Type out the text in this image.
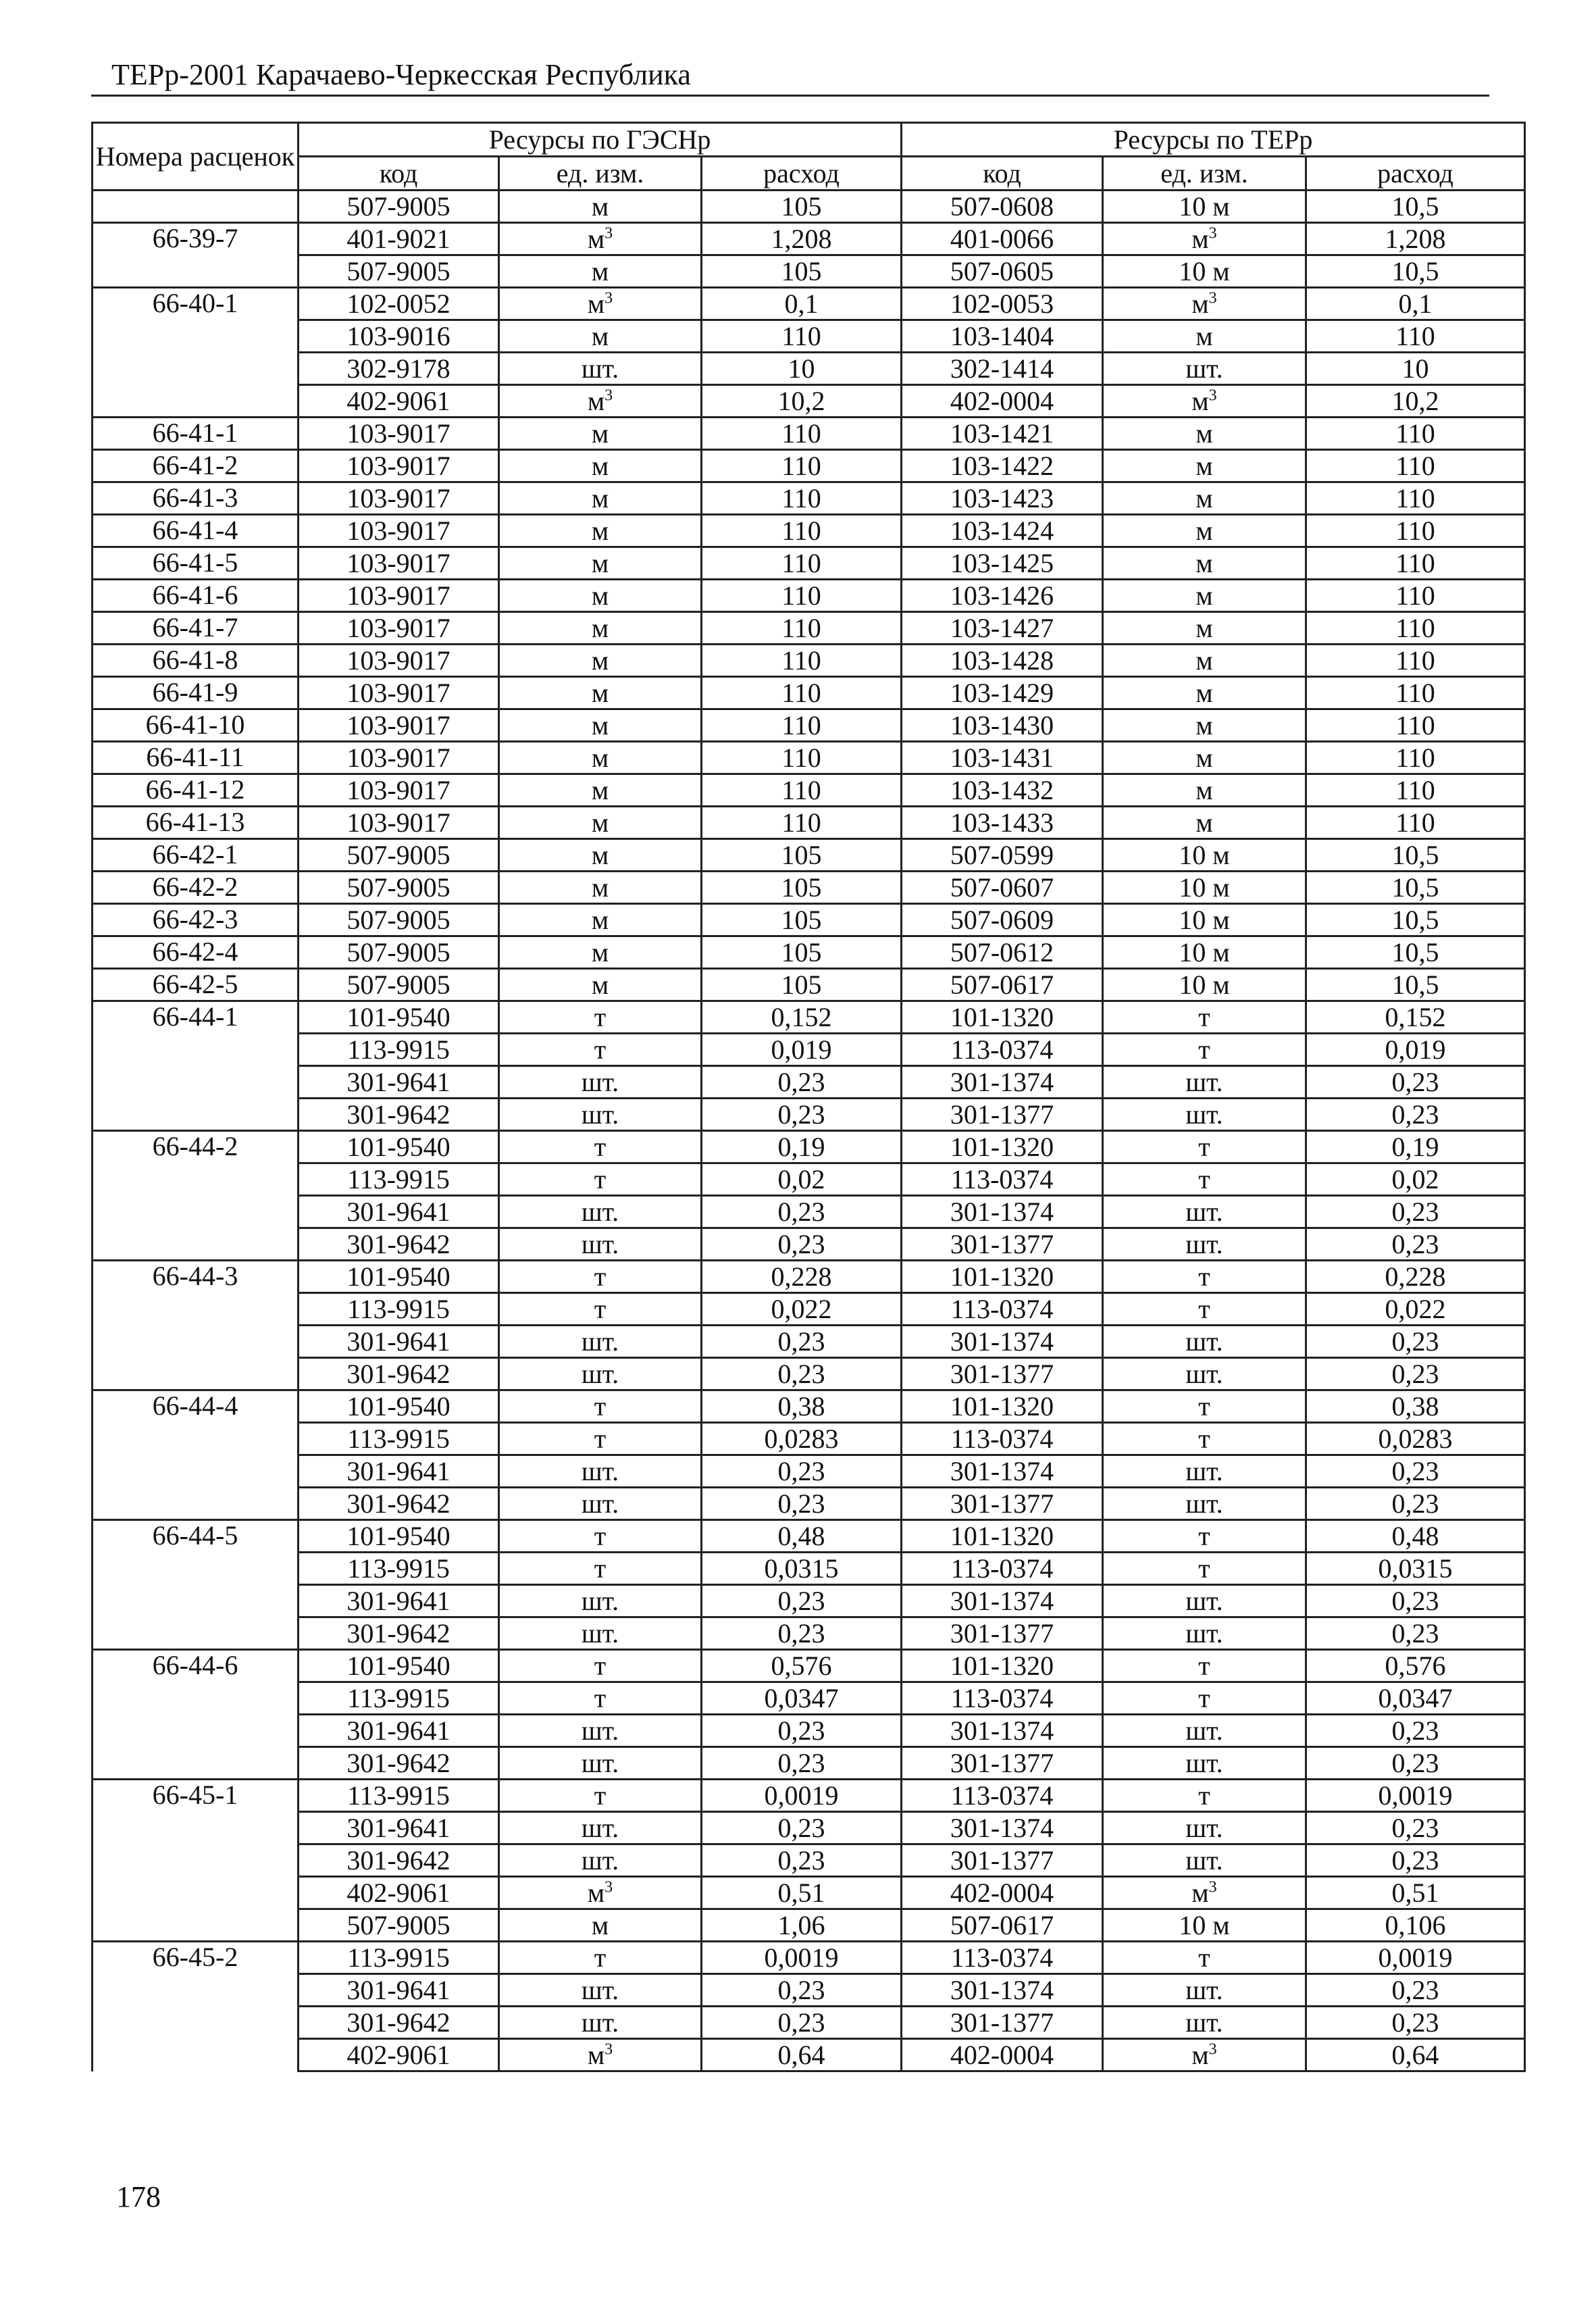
ТЕРр-2001 Карачаево-Черкесская Республика
Номера расценок	Ресурсы по ГЭСНр			Ресурсы по ТЕРр		
	код	ед. изм.	расход	код	ед. изм.	расход
	507-9005	м	105	507-0608	10 м	10,5
66-39-7	401-9021	$м^3$	1,208	401-0066	$м^3$	1,208
	507-9005	м	105	507-0605	10 м	10,5
66-40-1	102-0052	$м^3$	0,1	102-0053	$м^3$	0,1
	103-9016	м	110	103-1404	м	110
	302-9178	шт.	10	302-1414	шт.	10
	402-9061	$м^3$	10,2	402-0004	$м^3$	10,2
66-41-1	103-9017	м	110	103-1421	м	110
66-41-2	103-9017	м	110	103-1422	м	110
66-41-3	103-9017	м	110	103-1423	м	110
66-41-4	103-9017	м	110	103-1424	м	110
66-41-5	103-9017	м	110	103-1425	м	110
66-41-6	103-9017	м	110	103-1426	м	110
66-41-7	103-9017	м	110	103-1427	м	110
66-41-8	103-9017	м	110	103-1428	м	110
66-41-9	103-9017	м	110	103-1429	м	110
66-41-10	103-9017	м	110	103-1430	м	110
66-41-11	103-9017	м	110	103-1431	м	110
66-41-12	103-9017	м	110	103-1432	м	110
66-41-13	103-9017	м	110	103-1433	м	110
66-42-1	507-9005	м	105	507-0599	10 м	10,5
66-42-2	507-9005	м	105	507-0607	10 м	10,5
66-42-3	507-9005	м	105	507-0609	10 м	10,5
66-42-4	507-9005	м	105	507-0612	10 м	10,5
66-42-5	507-9005	м	105	507-0617	10 м	10,5
66-44-1	101-9540	т	0,152	101-1320	т	0,152
	113-9915	т	0,019	113-0374	т	0,019
	301-9641	шт.	0,23	301-1374	шт.	0,23
	301-9642	шт.	0,23	301-1377	шт.	0,23
66-44-2	101-9540	т	0,19	101-1320	т	0,19
	113-9915	т	0,02	113-0374	т	0,02
	301-9641	шт.	0,23	301-1374	шт.	0,23
	301-9642	шт.	0,23	301-1377	шт.	0,23
66-44-3	101-9540	т	0,228	101-1320	т	0,228
	113-9915	т	0,022	113-0374	т	0,022
	301-9641	шт.	0,23	301-1374	шт.	0,23
	301-9642	шт.	0,23	301-1377	шт.	0,23
66-44-4	101-9540	т	0,38	101-1320	т	0,38
	113-9915	т	0,0283	113-0374	т	0,0283
	301-9641	шт.	0,23	301-1374	шт.	0,23
	301-9642	шт.	0,23	301-1377	шт.	0,23
66-44-5	101-9540	т	0,48	101-1320	т	0,48
	113-9915	т	0,0315	113-0374	т	0,0315
	301-9641	шт.	0,23	301-1374	шт.	0,23
	301-9642	шт.	0,23	301-1377	шт.	0,23
66-44-6	101-9540	т	0,576	101-1320	т	0,576
	113-9915	т	0,0347	113-0374	т	0,0347
	301-9641	шт.	0,23	301-1374	шт.	0,23
	301-9642	шт.	0,23	301-1377	шт.	0,23
66-45-1	113-9915	т	0,0019	113-0374	т	0,0019
	301-9641	шт.	0,23	301-1374	шт.	0,23
	301-9642	шт.	0,23	301-1377	шт.	0,23
	402-9061	$м^3$	0,51	402-0004	$м^3$	0,51
	507-9005	м	1,06	507-0617	10 м	0,106
66-45-2	113-9915	т	0,0019	113-0374	т	0,0019
	301-9641	шт.	0,23	301-1374	шт.	0,23
	301-9642	шт.	0,23	301-1377	шт.	0,23
	402-9061	$м^3$	0,64	402-0004	$м^3$	0,64
178
